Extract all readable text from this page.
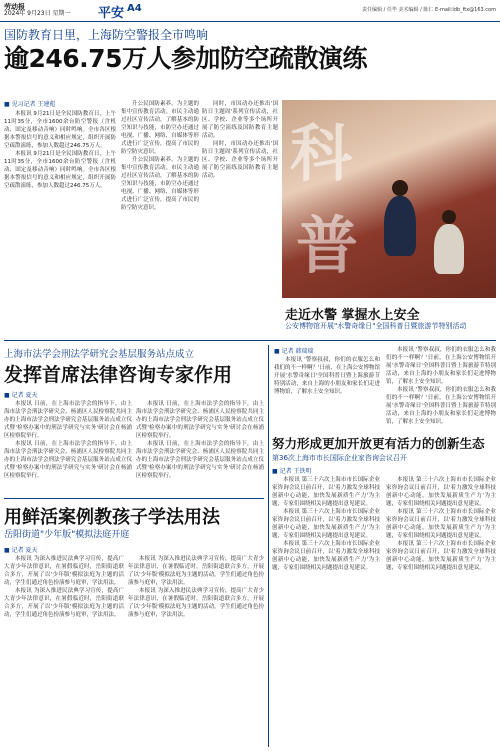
劳动报
2024年 9月23日 星期一 平安 A4	责任编辑 / 任毕 美术编辑 / 陈仁 E-mail:ldb_ftx@163.com
国防教育日里，上海防空警报全市鸣响
逾246.75万人参加防空疏散演练
■ 见习记者 王建彪

本报讯 9月21日是全民国防教育日，上午11时35分，全市1600余台防空警报（含机动、固定及移动音响）同时鸣响。全市各区根据本警报信号的意义和相应规定，组织开展防空疏散演练，参加人数超过246.75万人。

本报讯 9月21日是全民国防教育日，上午11时35分，全市1600余台防空警报（含机动、固定及移动音响）同时鸣响。全市各区根据本警报信号的意义和相应规定，组织开展防空疏散演练，参加人数超过246.75万人。

升公民国防素养，为主题的集中宣传教育活动。市民主动通过社区宣传活动，了解基本的防空知识与技能，市防空办还通过电视、广播、网络、自媒体等形式进行广泛宣传，提高了市民的防空防灾意识。

升公民国防素养，为主题的集中宣传教育活动。市民主动通过社区宣传活动，了解基本的防空知识与技能，市防空办还通过电视、广播、网络、自媒体等形式进行广泛宣传，提高了市民的防空防灾意识。

同时，市国动办还推出'国防日主题周'系列宣传活动，社区、学校、企业等多个场所开展了防空演练及国防教育主题活动。

同时，市国动办还推出'国防日主题周'系列宣传活动，社区、学校、企业等多个场所开展了防空演练及国防教育主题活动。	科
普
走近水警 掌握水上安全
公安博物馆开展"水警奇缘日"全国科普日暨旅游节特别活动
上海市法学会刑法学研究会基层服务站点成立
发挥首席法律咨询专家作用
■ 记者 夏天

本报讯 日前，在上海市法学会的指导下，由上海市法学会刑法学研究会、杨浦区人民检察院共同主办的上海市法学会刑法学研究会基层服务站点成立仪式暨'检察办案中的刑法学研究与实务'研讨会在杨浦区检察院举行。

本报讯 日前，在上海市法学会的指导下，由上海市法学会刑法学研究会、杨浦区人民检察院共同主办的上海市法学会刑法学研究会基层服务站点成立仪式暨'检察办案中的刑法学研究与实务'研讨会在杨浦区检察院举行。

本报讯 日前，在上海市法学会的指导下，由上海市法学会刑法学研究会、杨浦区人民检察院共同主办的上海市法学会刑法学研究会基层服务站点成立仪式暨'检察办案中的刑法学研究与实务'研讨会在杨浦区检察院举行。

本报讯 日前，在上海市法学会的指导下，由上海市法学会刑法学研究会、杨浦区人民检察院共同主办的上海市法学会刑法学研究会基层服务站点成立仪式暨'检察办案中的刑法学研究与实务'研讨会在杨浦区检察院举行。

■ 记者 韩瑞瑞

本报讯 '警察叔叔，你们的衣服怎么和我们的不一样啊？'日前，在上海公安博物馆开展'水警奇缘日'全国科普日暨上海旅游节特别活动，来自上海的小朋友和家长们走进博物馆，了解水上安全知识。

本报讯 '警察叔叔，你们的衣服怎么和我们的不一样啊？'日前，在上海公安博物馆开展'水警奇缘日'全国科普日暨上海旅游节特别活动，来自上海的小朋友和家长们走进博物馆，了解水上安全知识。

本报讯 '警察叔叔，你们的衣服怎么和我们的不一样啊？'日前，在上海公安博物馆开展'水警奇缘日'全国科普日暨上海旅游节特别活动，来自上海的小朋友和家长们走进博物馆，了解水上安全知识。

努力形成更加开放更有活力的创新生态
第36次上海市市长国际企业家咨询会议召开
■ 记者 王铁明

本报讯 第三十六次上海市市长国际企业家咨询会议日前召开，以'着力激发全球科技创新中心动能，加快发展新质生产力'为主题，专家们围绕相关问题提出意见建议。

本报讯 第三十六次上海市市长国际企业家咨询会议日前召开，以'着力激发全球科技创新中心动能，加快发展新质生产力'为主题，专家们围绕相关问题提出意见建议。

本报讯 第三十六次上海市市长国际企业家咨询会议日前召开，以'着力激发全球科技创新中心动能，加快发展新质生产力'为主题，专家们围绕相关问题提出意见建议。

本报讯 第三十六次上海市市长国际企业家咨询会议日前召开，以'着力激发全球科技创新中心动能，加快发展新质生产力'为主题，专家们围绕相关问题提出意见建议。

本报讯 第三十六次上海市市长国际企业家咨询会议日前召开，以'着力激发全球科技创新中心动能，加快发展新质生产力'为主题，专家们围绕相关问题提出意见建议。

本报讯 第三十六次上海市市长国际企业家咨询会议日前召开，以'着力激发全球科技创新中心动能，加快发展新质生产力'为主题，专家们围绕相关问题提出意见建议。

用鲜活案例教孩子学法用法
岳阳街道"少年版"模拟法庭开庭
■ 记者 夏天

本报讯 为深入推进民法典学习宣传，提高广大青少年法律意识，在暑假临近时，岳阳街道联合多方，开展了以'少年版'模拟法庭为主题的活动，学生们通过角色扮演参与庭审，学法用法。

本报讯 为深入推进民法典学习宣传，提高广大青少年法律意识，在暑假临近时，岳阳街道联合多方，开展了以'少年版'模拟法庭为主题的活动，学生们通过角色扮演参与庭审，学法用法。

本报讯 为深入推进民法典学习宣传，提高广大青少年法律意识，在暑假临近时，岳阳街道联合多方，开展了以'少年版'模拟法庭为主题的活动，学生们通过角色扮演参与庭审，学法用法。

本报讯 为深入推进民法典学习宣传，提高广大青少年法律意识，在暑假临近时，岳阳街道联合多方，开展了以'少年版'模拟法庭为主题的活动，学生们通过角色扮演参与庭审，学法用法。
